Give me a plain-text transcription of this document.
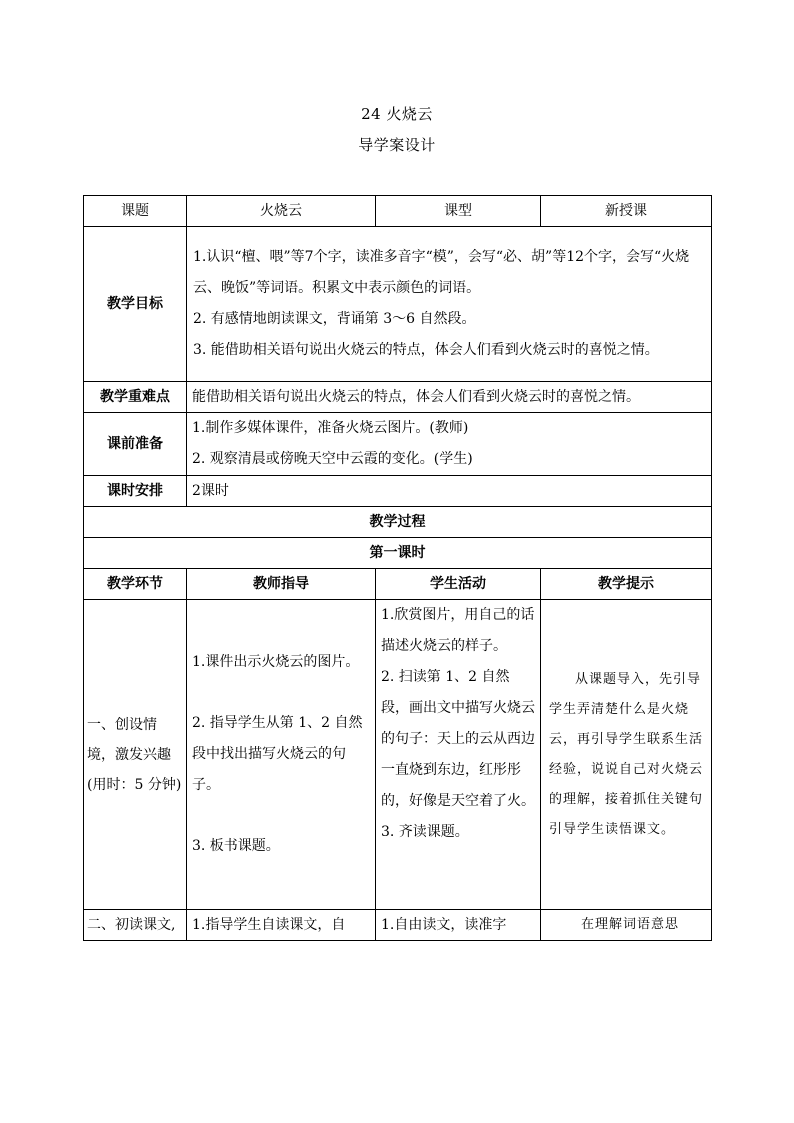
24 火烧云
导学案设计
课题	火烧云	课型	新授课
教学目标	1.认识“檀、喂”等7个字，读准多音字“模”，会写“必、胡”等12个字，会写“火烧云、晚饭”等词语。积累文中表示颜色的词语。
2. 有感情地朗读课文，背诵第 3～6 自然段。
3. 能借助相关语句说出火烧云的特点，体会人们看到火烧云时的喜悦之情。		

教学重难点	能借助相关语句说出火烧云的特点，体会人们看到火烧云时的喜悦之情。		
课前准备	1.制作多媒体课件，准备火烧云图片。(教师)
2. 观察清晨或傍晚天空中云霞的变化。(学生)		

课时安排	2课时		
教学过程			
第一课时			
教学环节	教师指导	学生活动	教学提示
一、创设情境，激发兴趣(用时：5 分钟)	1.课件出示火烧云的图片。
2. 指导学生从第 1、2 自然段中找出描写火烧云的句子。
3. 板书课题。	1.欣赏图片，用自己的话描述火烧云的样子。
2. 扫读第 1、2 自然段，画出文中描写火烧云的句子：天上的云从西边一直烧到东边，红彤彤的，好像是天空着了火。
3. 齐读课题。	从课题导入，先引导学生弄清楚什么是火烧云，再引导学生联系生活经验，说说自己对火烧云的理解，接着抓住关键句引导学生读悟课文。
二、初读课文,	1.指导学生自读课文，自	1.自由读文，读准字	在理解词语意思
